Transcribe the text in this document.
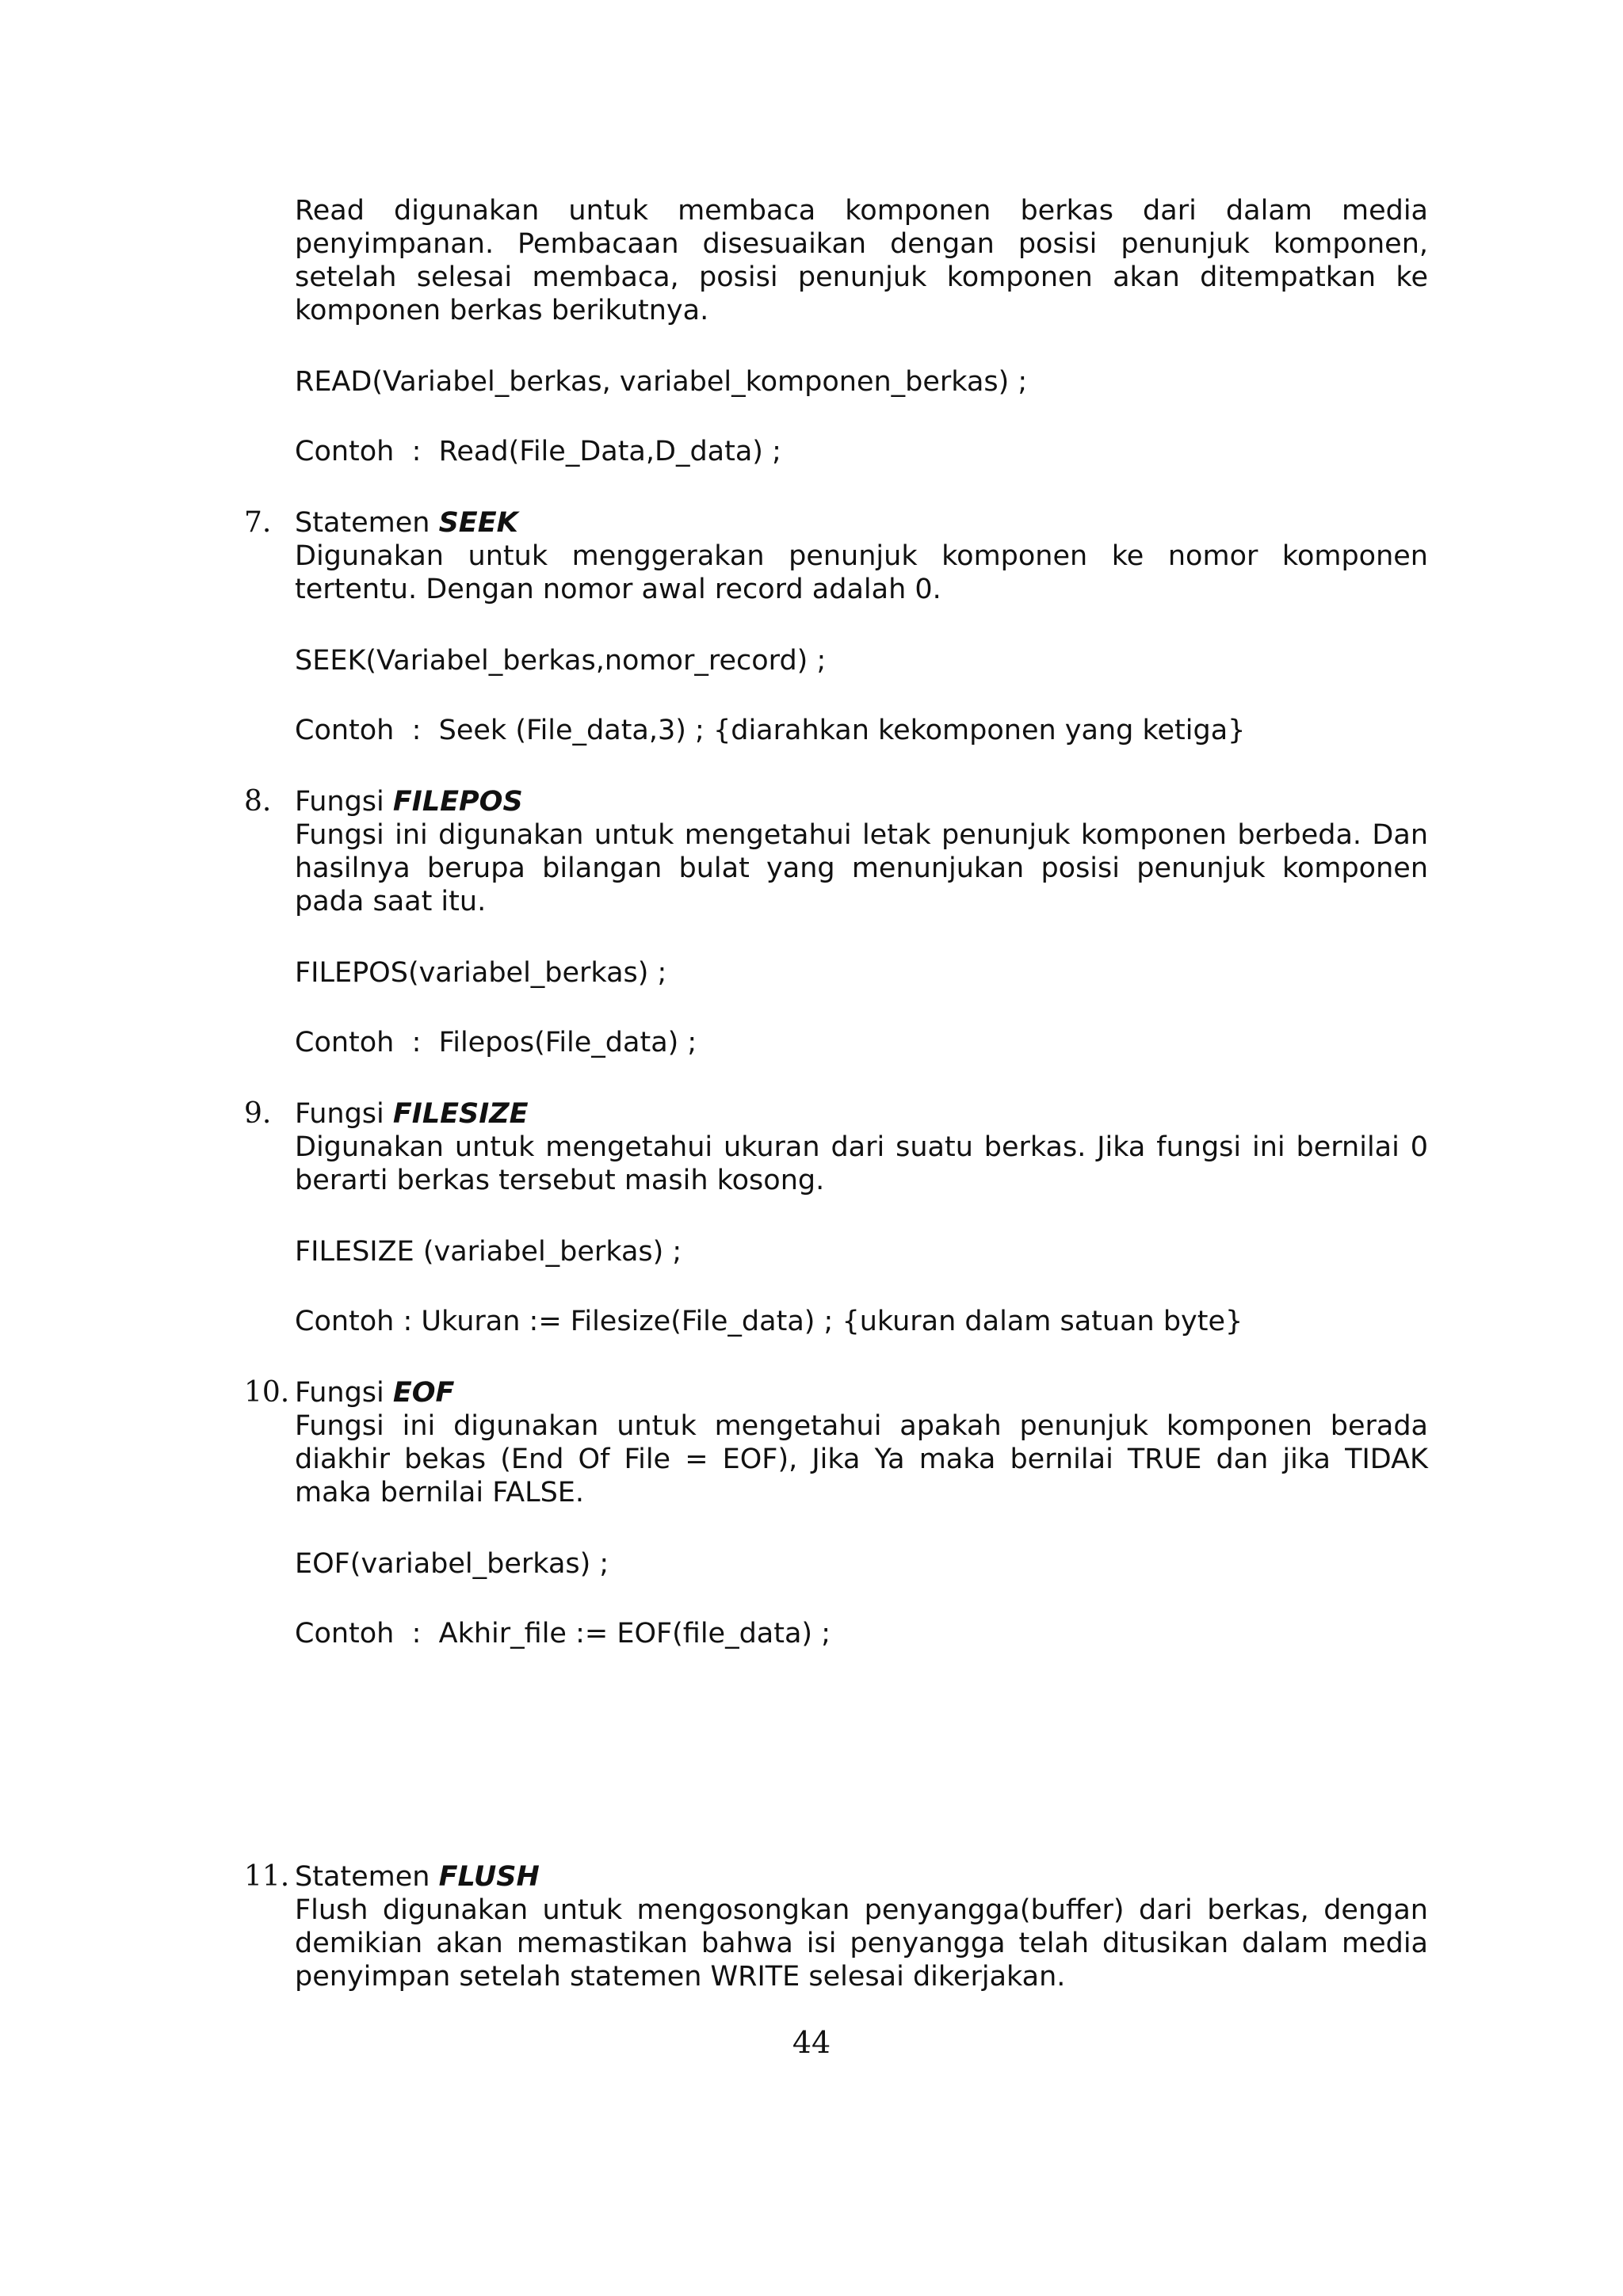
Read digunakan untuk membaca komponen berkas dari dalam media penyimpanan. Pembacaan disesuaikan dengan posisi penunjuk komponen, setelah selesai membaca, posisi penunjuk komponen akan ditempatkan ke komponen berkas berikutnya.

READ(Variabel_berkas, variabel_komponen_berkas) ;

Contoh  :  Read(File_Data,D_data) ;

7. Statemen SEEK

Digunakan untuk menggerakan penunjuk komponen ke nomor komponen tertentu. Dengan nomor awal record adalah 0.

SEEK(Variabel_berkas,nomor_record) ;

Contoh  :  Seek (File_data,3) ; {diarahkan kekomponen yang ketiga}

8. Fungsi FILEPOS

Fungsi ini digunakan untuk mengetahui letak penunjuk komponen berbeda. Dan hasilnya berupa bilangan bulat yang menunjukan posisi penunjuk komponen pada saat itu.

FILEPOS(variabel_berkas) ;

Contoh  :  Filepos(File_data) ;

9. Fungsi FILESIZE

Digunakan untuk mengetahui ukuran dari suatu berkas. Jika fungsi ini bernilai 0 berarti berkas tersebut masih kosong.

FILESIZE (variabel_berkas) ;

Contoh : Ukuran := Filesize(File_data) ; {ukuran dalam satuan byte}

10. Fungsi EOF

Fungsi ini digunakan untuk mengetahui apakah penunjuk komponen berada diakhir bekas (End Of File = EOF), Jika Ya maka bernilai TRUE dan jika TIDAK maka bernilai FALSE.

EOF(variabel_berkas) ;

Contoh  :  Akhir_file := EOF(file_data) ;

11. Statemen FLUSH

Flush digunakan untuk mengosongkan penyangga(buffer) dari berkas, dengan demikian akan memastikan bahwa isi penyangga telah ditusikan dalam media penyimpan setelah statemen WRITE selesai dikerjakan.

44
